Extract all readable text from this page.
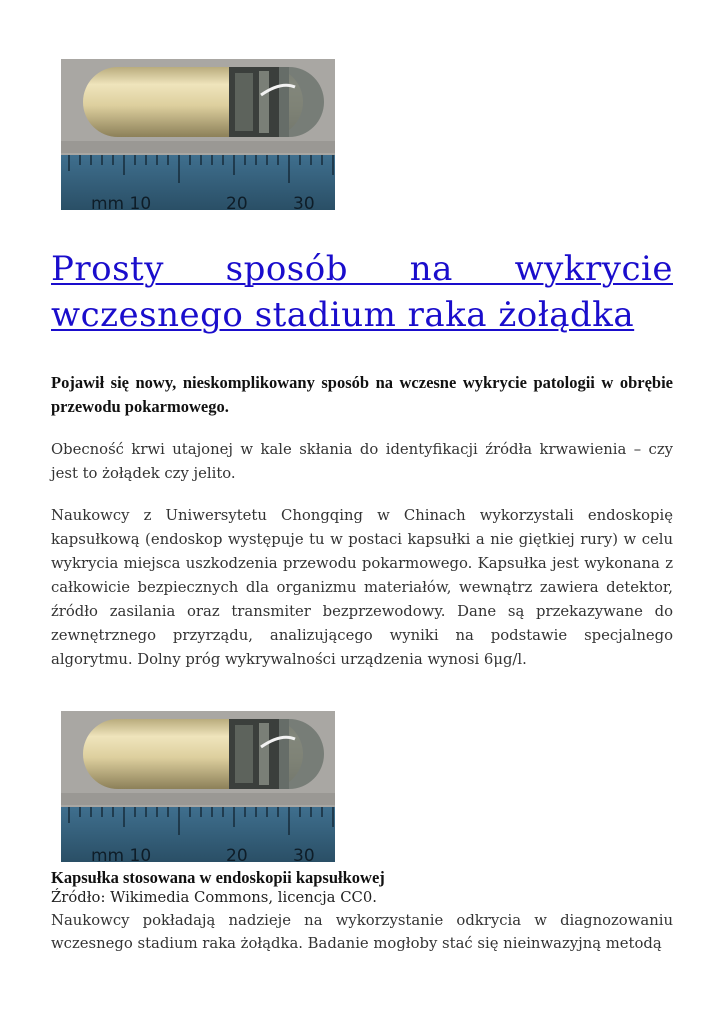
mm 10	20	30
Prosty sposób na wykrycie wczesnego stadium raka żołądka

Pojawił się nowy, nieskomplikowany sposób na wczesne wykrycie patologii w obrębie przewodu pokarmowego.

Obecność krwi utajonej w kale skłania do identyfikacji źródła krwawienia – czy jest to żołądek czy jelito.

Naukowcy z Uniwersytetu Chongqing w Chinach wykorzystali endoskopię kapsułkową (endoskop występuje tu w postaci kapsułki a nie giętkiej rury) w celu wykrycia miejsca uszkodzenia przewodu pokarmowego. Kapsułka jest wykonana z całkowicie bezpiecznych dla organizmu materiałów, wewnątrz zawiera detektor, źródło zasilania oraz transmiter bezprzewodowy. Dane są przekazywane do zewnętrznego przyrządu, analizującego wyniki na podstawie specjalnego algorytmu. Dolny próg wykrywalności urządzenia wynosi 6μg/l.

mm 10	20	30
Kapsułka stosowana w endoskopii kapsułkowej
Źródło: Wikimedia Commons, licencja CC0.

Naukowcy pokładają nadzieje na wykorzystanie odkrycia w diagnozowaniu wczesnego stadium raka żołądka. Badanie mogłoby stać się nieinwazyjną metodą
